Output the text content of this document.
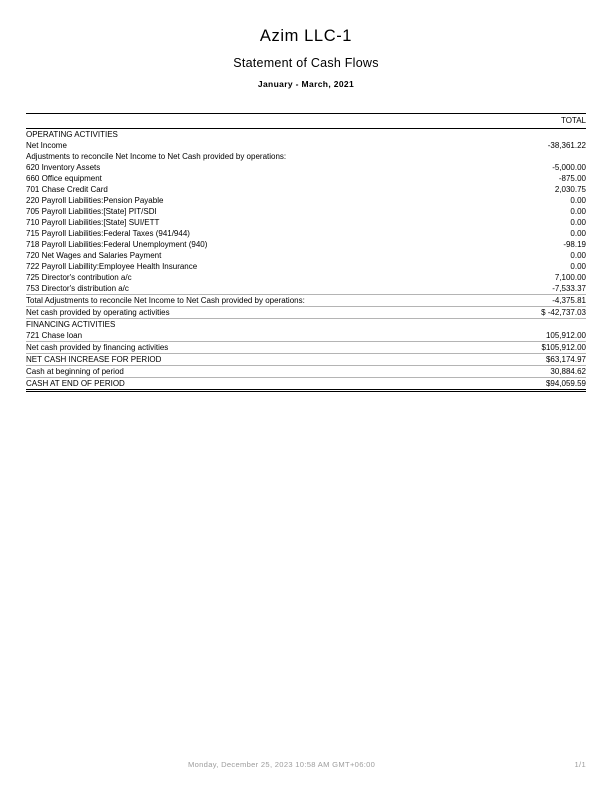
Azim LLC-1
Statement of Cash Flows
January - March, 2021
	TOTAL
OPERATING ACTIVITIES	
Net Income	-38,361.22
Adjustments to reconcile Net Income to Net Cash provided by operations:	
620 Inventory Assets	-5,000.00
660 Office equipment	-875.00
701 Chase Credit Card	2,030.75
220 Payroll Liabilities:Pension Payable	0.00
705 Payroll Liabilities:[State] PIT/SDI	0.00
710 Payroll Liabilities:[State] SUI/ETT	0.00
715 Payroll Liabilities:Federal Taxes (941/944)	0.00
718 Payroll Liabilities:Federal Unemployment (940)	-98.19
720 Net Wages and Salaries Payment	0.00
722 Payroll Liabillity:Employee Health Insurance	0.00
725 Director's contribution a/c	7,100.00
753 Director's distribution a/c	-7,533.37
Total Adjustments to reconcile Net Income to Net Cash provided by operations:	-4,375.81
Net cash provided by operating activities	$ -42,737.03
FINANCING ACTIVITIES	
721 Chase loan	105,912.00
Net cash provided by financing activities	$105,912.00
NET CASH INCREASE FOR PERIOD	$63,174.97
Cash at beginning of period	30,884.62
CASH AT END OF PERIOD	$94,059.59
Monday, December 25, 2023 10:58 AM GMT+06:00	1/1
